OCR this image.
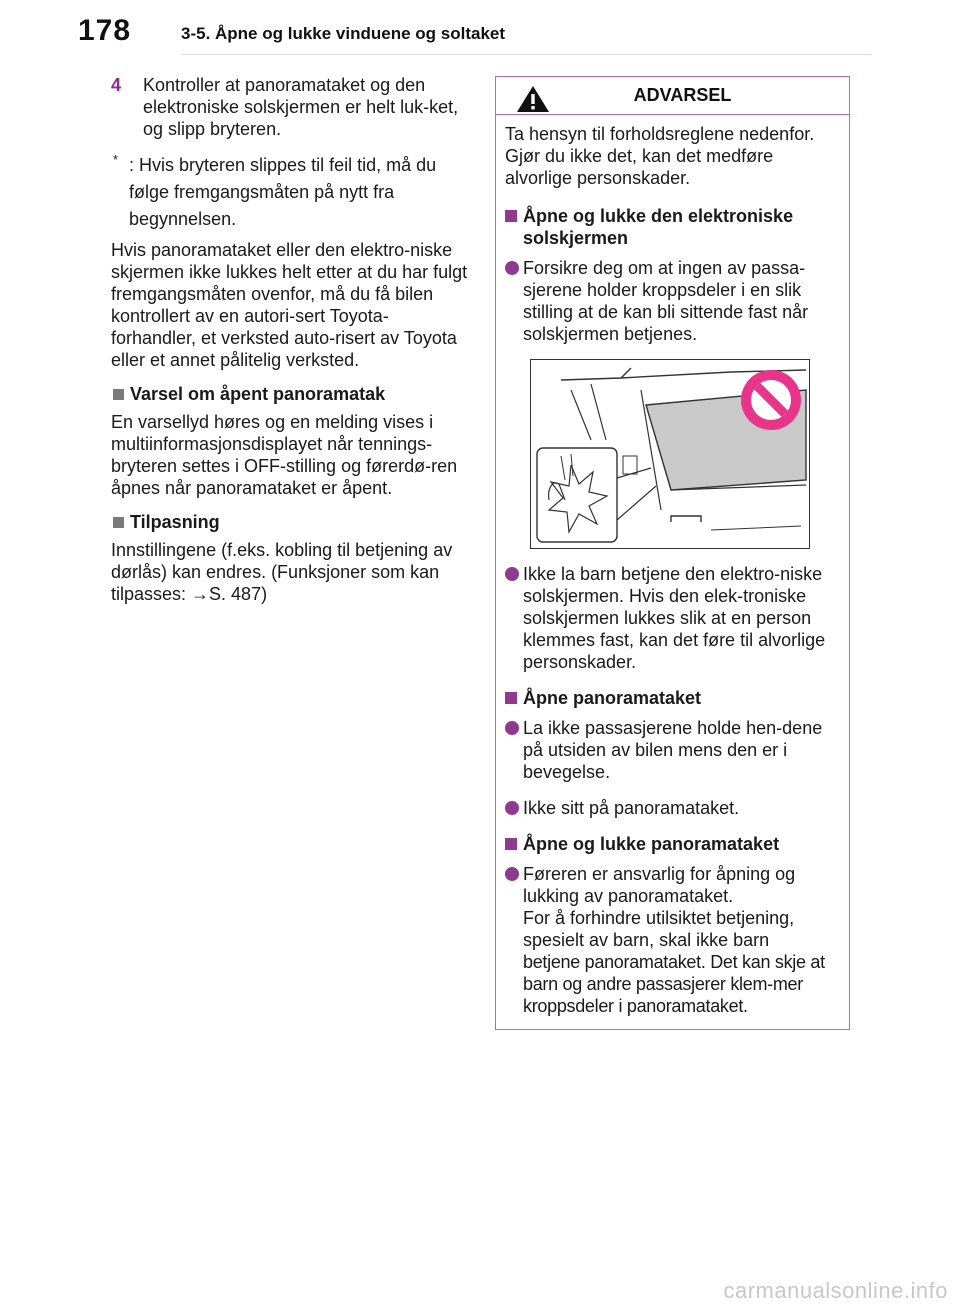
178	3-5. Åpne og lukke vinduene og soltaket
4 Kontroller at panoramataket og den elektroniske solskjermen er helt luk-ket, og slipp bryteren.
* : Hvis bryteren slippes til feil tid, må du følge fremgangsmåten på nytt fra begynnelsen.

Hvis panoramataket eller den elektro-niske skjermen ikke lukkes helt etter at du har fulgt fremgangsmåten ovenfor, må du få bilen kontrollert av en autori-sert Toyota-forhandler, et verksted auto-risert av Toyota eller et annet pålitelig verksted.

Varsel om åpent panoramatak

En varsellyd høres og en melding vises i multiinformasjonsdisplayet når tennings-bryteren settes i OFF-stilling og førerdø-ren åpnes når panoramataket er åpent.

Tilpasning

Innstillingene (f.eks. kobling til betjening av dørlås) kan endres. (Funksjoner som kan tilpasses: →S. 487)

ADVARSEL

Ta hensyn til forholdsreglene nedenfor. Gjør du ikke det, kan det medføre alvorlige personskader.

Åpne og lukke den elektroniske solskjermen
Forsikre deg om at ingen av passa-sjerene holder kroppsdeler i en slik stilling at de kan bli sittende fast når solskjermen betjenes.
Ikke la barn betjene den elektro-niske solskjermen. Hvis den elek-troniske solskjermen lukkes slik at en person klemmes fast, kan det føre til alvorlige personskader.
Åpne panoramataket
La ikke passasjerene holde hen-dene på utsiden av bilen mens den er i bevegelse.
Ikke sitt på panoramataket.
Åpne og lukke panoramataket
Føreren er ansvarlig for åpning og lukking av panoramataket.
For å forhindre utilsiktet betjening, spesielt av barn, skal ikke barn
betjene panoramataket. Det kan skje at barn og andre passasjerer klem-mer kroppsdeler i panoramataket.
carmanualsonline.info
